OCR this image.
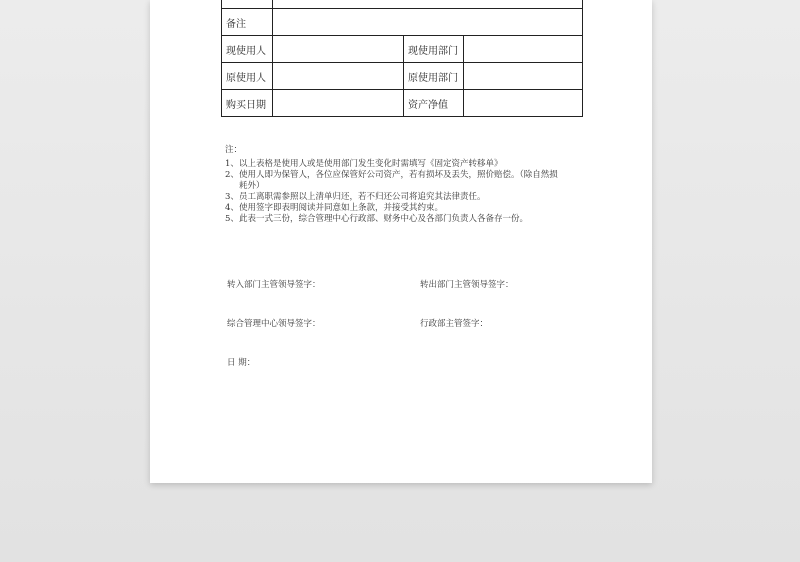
备注			
现使用人		现使用部门	
原使用人		原使用部门	
购买日期		资产净值	
注：
1、 以上表格是使用人或是使用部门发生变化时需填写《固定资产转移单》
2、 使用人即为保管人，各位应保管好公司资产，若有损坏及丢失，照价赔偿。（除自然损耗外）
3、 员工离职需参照以上清单归还，若不归还公司将追究其法律责任。
4、 使用签字即表明阅读并同意如上条款，并接受其约束。
5、 此表一式三份，综合管理中心行政部、财务中心及各部门负责人各备存一份。
转入部门主管领导签字：	转出部门主管领导签字：
综合管理中心领导签字：	行政部主管签字：
日 期：
